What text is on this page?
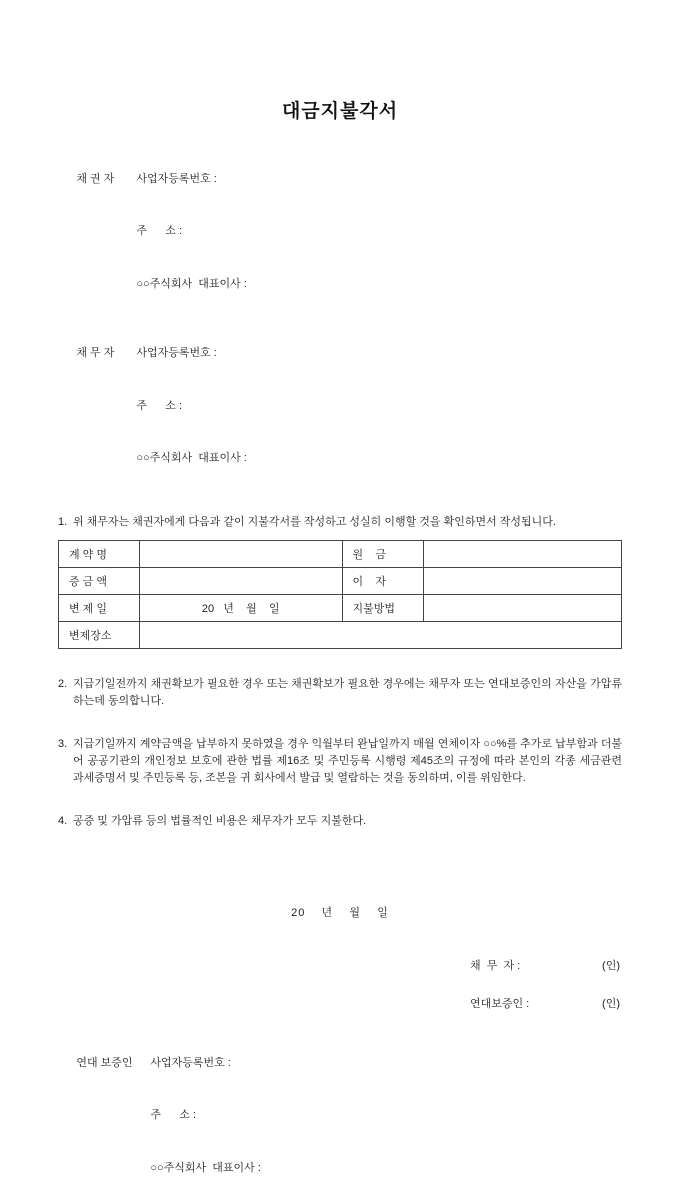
대금지불각서

채 권 자 사업자등록번호 :

주      소 :

○○주식회사  대표이사 :

채 무 자 사업자등록번호 :

주      소 :

○○주식회사  대표이사 :

1. 위 채무자는 채권자에게 다음과 같이 지불각서를 작성하고 성실히 이행할 것을 확인하면서 작성됩니다.
계 약 명		원    금	
증 금 액		이    자	
변 제 일	20   년    월    일	지불방법	
변제장소			
2. 지급기일전까지 채권확보가 필요한 경우 또는 채권확보가 필요한 경우에는 채무자 또는 연대보증인의 자산을 가압류하는데 동의합니다.
3. 지급기일까지 계약금액을 납부하지 못하였을 경우 익월부터 완납일까지 매월 연체이자 ○○%를 추가로 납부함과 더불어 공공기관의 개인정보 보호에 관한 법률 제16조 및 주민등록 시행령 제45조의 규정에 따라 본인의 각종 세금관련 과세증명서 및 주민등록 등, 조본을 귀 회사에서 발급 및 열람하는 것을 동의하며, 이를 위임한다.
4. 공증 및 가압류 등의 법률적인 비용은 채무자가 모두 지불한다.
20    년    월    일
채  무  자 :	(인)
연대보증인 :	(인)

연대 보증인 사업자등록번호 :

주      소 :

○○주식회사  대표이사 :
